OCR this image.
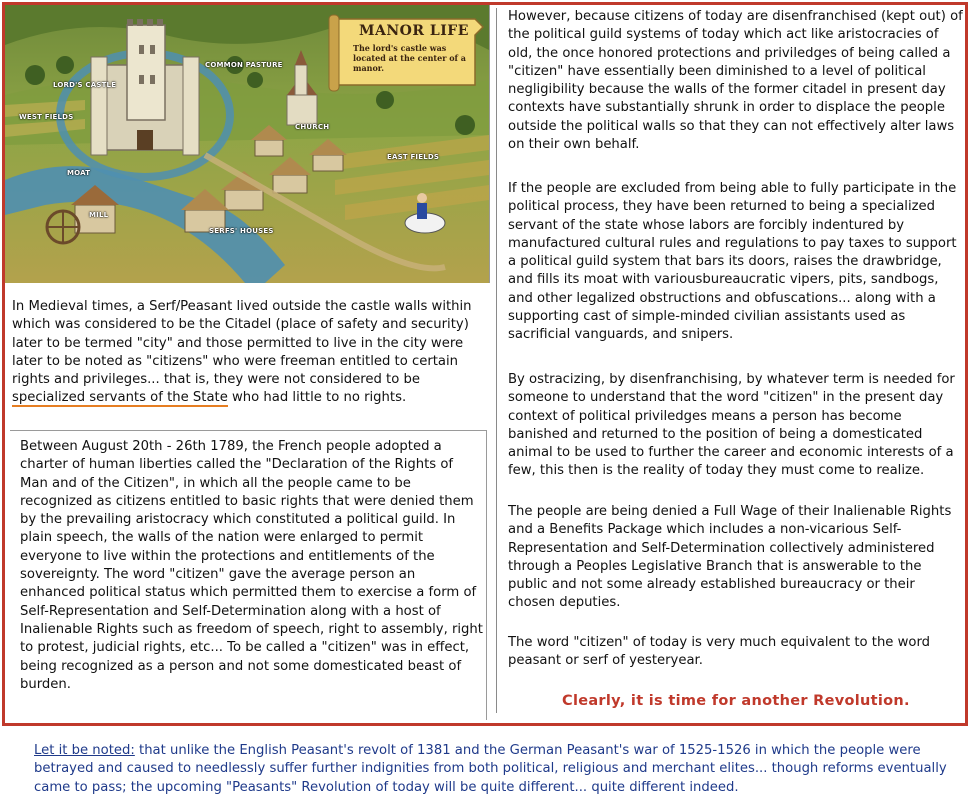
MANOR LIFE
The lord's castle was located at the center of a manor.
COMMON PASTURE
LORD'S CASTLE
WEST FIELDS
CHURCH
EAST FIELDS
MOAT
MILL
SERFS' HOUSES

In Medieval times, a Serf/Peasant lived outside the castle walls within which was considered to be the Citadel (place of safety and security) later to be termed "city" and those permitted to live in the city were later to be noted as "citizens" who were freeman entitled to certain rights and privileges... that is, they were not considered to be specialized servants of the State who had little to no rights.

Between August 20th - 26th 1789, the French people adopted a charter of human liberties called the "Declaration of the Rights of Man and of the Citizen", in which all the people came to be recognized as citizens entitled to basic rights that were denied them by the prevailing aristocracy which constituted a political guild. In plain speech, the walls of the nation were enlarged to permit everyone to live within the protections and entitlements of the sovereignty. The word "citizen" gave the average person an enhanced political status which permitted them to exercise a form of Self-Representation and Self-Determination along with a host of Inalienable Rights such as freedom of speech, right to assembly, right to protest, judicial rights, etc... To be called a "citizen" was in effect, being recognized as a person and not some domesticated beast of burden.

However, because citizens of today are disenfranchised (kept out) of the political guild systems of today which act like aristocracies of old, the once honored protections and priviledges of being called a "citizen" have essentially been diminished to a level of political negligibility because the walls of the former citadel in present day contexts have substantially shrunk in order to displace the people outside the political walls so that they can not effectively alter laws on their own behalf.

If the people are excluded from being able to fully participate in the political process, they have been returned to being a specialized servant of the state whose labors are forcibly indentured by manufactured cultural rules and regulations to pay taxes to support a political guild system that bars its doors, raises the drawbridge, and fills its moat with variousbureaucratic vipers, pits, sandbogs, and other legalized obstructions and obfuscations... along with a supporting cast of simple-minded civilian assistants used as sacrificial vanguards, and snipers.

By ostracizing, by disenfranchising, by whatever term is needed for someone to understand that the word "citizen" in the present day context of political priviledges means a person has become banished and returned to the position of being a domesticated animal to be used to further the career and economic interests of a few, this then is the reality of today they must come to realize.

The people are being denied a Full Wage of their Inalienable Rights and a Benefits Package which includes a non-vicarious Self-Representation and Self-Determination collectively administered through a Peoples Legislative Branch that is answerable to the public and not some already established bureaucracy or their chosen deputies.

The word "citizen" of today is very much equivalent to the word peasant or serf of yesteryear.

Clearly, it is time for another Revolution.

Let it be noted: that unlike the English Peasant's revolt of 1381 and the German Peasant's war of 1525-1526 in which the people were betrayed and caused to needlessly suffer further indignities from both political, religious and merchant elites... though reforms eventually came to pass; the upcoming "Peasants" Revolution of today will be quite different... quite different indeed.
